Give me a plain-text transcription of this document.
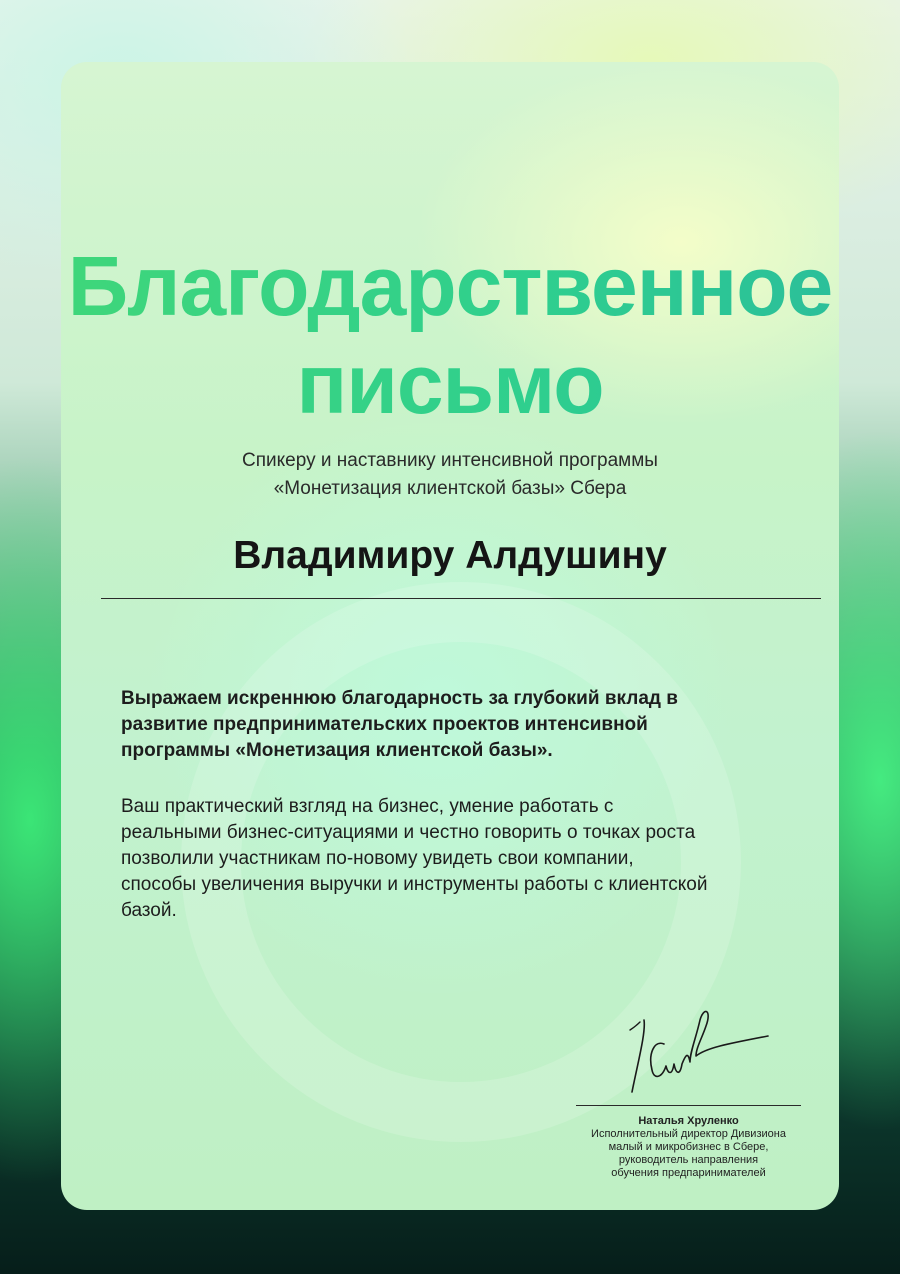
Благодарственное
письмо
Спикеру и наставнику интенсивной программы
«Монетизация клиентской базы» Сбера
Владимиру Алдушину
Выражаем искреннюю благодарность за глубокий вклад в
развитие предпринимательских проектов интенсивной
программы «Монетизация клиентской базы».
Ваш практический взгляд на бизнес, умение работать с
реальными бизнес-ситуациями и честно говорить о точках роста
позволили участникам по-новому увидеть свои компании,
способы увеличения выручки и инструменты работы с клиентской
базой.
Наталья Хруленко
Исполнительный директор Дивизиона
малый и микробизнес в Сбере,
руководитель направления
обучения предпаринимателей
